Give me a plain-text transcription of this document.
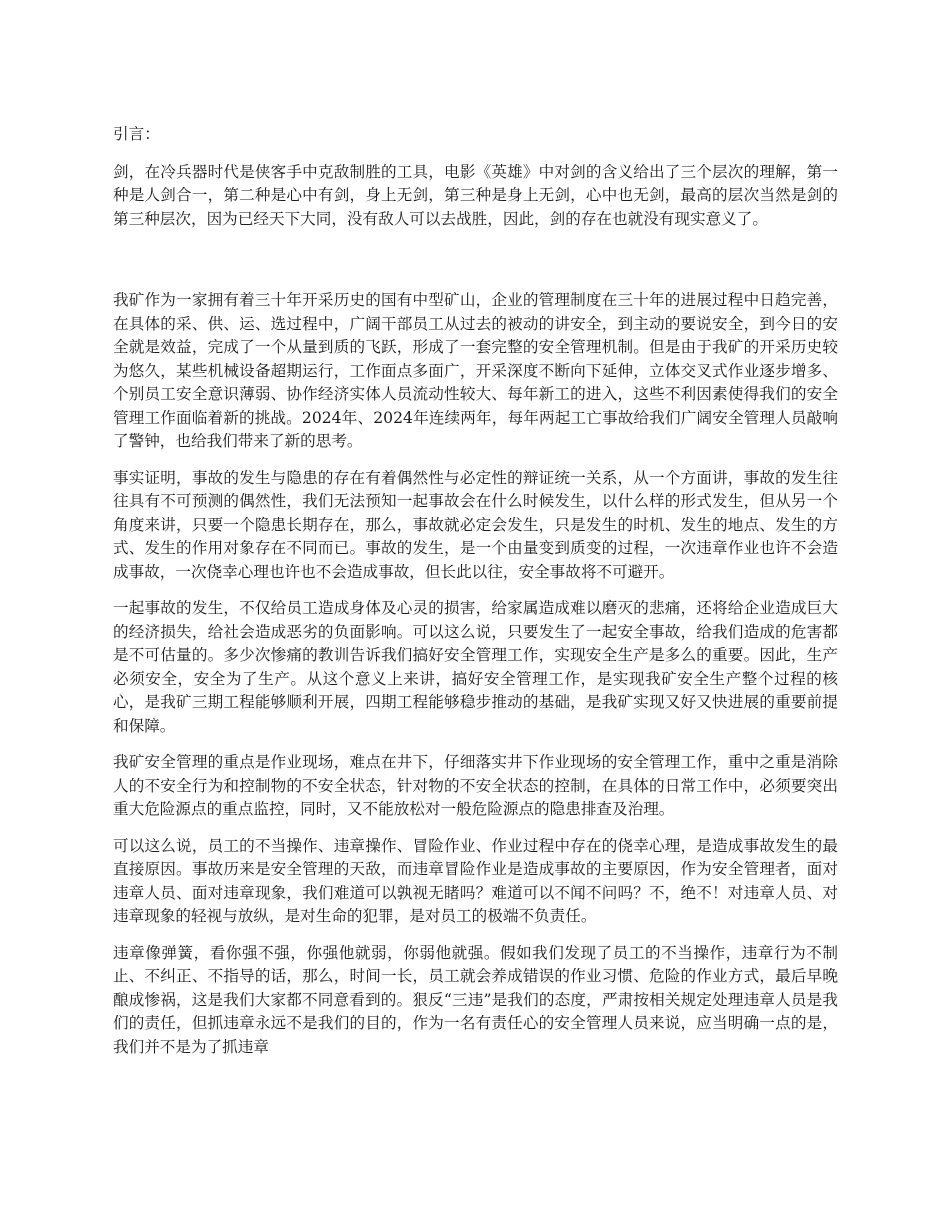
引言：

剑，在冷兵器时代是侠客手中克敌制胜的工具，电影《英雄》中对剑的含义给出了三个层次的理解，第一种是人剑合一，第二种是心中有剑，身上无剑，第三种是身上无剑，心中也无剑，最高的层次当然是剑的第三种层次，因为已经天下大同，没有敌人可以去战胜，因此，剑的存在也就没有现实意义了。

我矿作为一家拥有着三十年开采历史的国有中型矿山，企业的管理制度在三十年的进展过程中日趋完善，在具体的采、供、运、选过程中，广阔干部员工从过去的被动的讲安全，到主动的要说安全，到今日的安全就是效益，完成了一个从量到质的飞跃，形成了一套完整的安全管理机制。但是由于我矿的开采历史较为悠久，某些机械设备超期运行，工作面点多面广，开采深度不断向下延伸，立体交叉式作业逐步增多、个别员工安全意识薄弱、协作经济实体人员流动性较大、每年新工的进入，这些不利因素使得我们的安全管理工作面临着新的挑战。2024年、2024年连续两年，每年两起工亡事故给我们广阔安全管理人员敲响了警钟，也给我们带来了新的思考。

事实证明，事故的发生与隐患的存在有着偶然性与必定性的辩证统一关系，从一个方面讲，事故的发生往往具有不可预测的偶然性，我们无法预知一起事故会在什么时候发生，以什么样的形式发生，但从另一个角度来讲，只要一个隐患长期存在，那么，事故就必定会发生，只是发生的时机、发生的地点、发生的方式、发生的作用对象存在不同而已。事故的发生，是一个由量变到质变的过程，一次违章作业也许不会造成事故，一次侥幸心理也许也不会造成事故，但长此以往，安全事故将不可避开。

一起事故的发生，不仅给员工造成身体及心灵的损害，给家属造成难以磨灭的悲痛，还将给企业造成巨大的经济损失，给社会造成恶劣的负面影响。可以这么说，只要发生了一起安全事故，给我们造成的危害都是不可估量的。多少次惨痛的教训告诉我们搞好安全管理工作，实现安全生产是多么的重要。因此，生产必须安全，安全为了生产。从这个意义上来讲，搞好安全管理工作，是实现我矿安全生产整个过程的核心，是我矿三期工程能够顺利开展，四期工程能够稳步推动的基础，是我矿实现又好又快进展的重要前提和保障。

我矿安全管理的重点是作业现场，难点在井下，仔细落实井下作业现场的安全管理工作，重中之重是消除人的不安全行为和控制物的不安全状态，针对物的不安全状态的控制，在具体的日常工作中，必须要突出重大危险源点的重点监控，同时，又不能放松对一般危险源点的隐患排查及治理。

可以这么说，员工的不当操作、违章操作、冒险作业、作业过程中存在的侥幸心理，是造成事故发生的最直接原因。事故历来是安全管理的天敌，而违章冒险作业是造成事故的主要原因，作为安全管理者，面对违章人员、面对违章现象，我们难道可以孰视无睹吗？难道可以不闻不问吗？不，绝不！对违章人员、对违章现象的轻视与放纵，是对生命的犯罪，是对员工的极端不负责任。

违章像弹簧，看你强不强，你强他就弱，你弱他就强。假如我们发现了员工的不当操作，违章行为不制止、不纠正、不指导的话，那么，时间一长，员工就会养成错误的作业习惯、危险的作业方式，最后早晚酿成惨祸，这是我们大家都不同意看到的。狠反“三违”是我们的态度，严肃按相关规定处理违章人员是我们的责任，但抓违章永远不是我们的目的，作为一名有责任心的安全管理人员来说，应当明确一点的是，我们并不是为了抓违章
